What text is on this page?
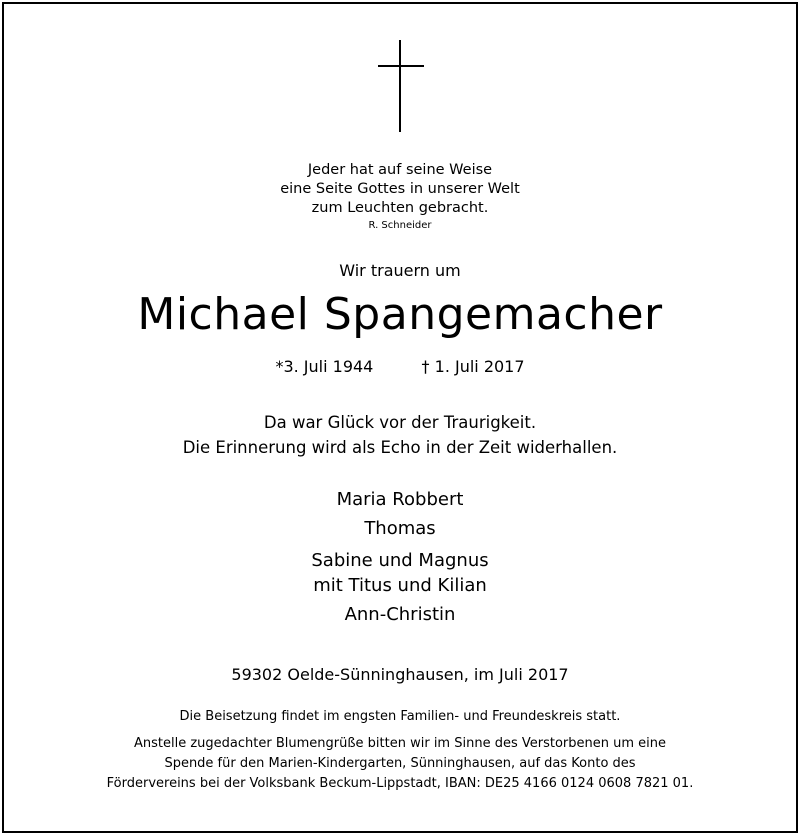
Jeder hat auf seine Weise
eine Seite Gottes in unserer Welt
zum Leuchten gebracht.
R. Schneider
Wir trauern um
Michael Spangemacher
*3. Juli 1944	† 1. Juli 2017
Da war Glück vor der Traurigkeit.
Die Erinnerung wird als Echo in der Zeit widerhallen.
Maria Robbert
Thomas
Sabine und Magnus
mit Titus und Kilian
Ann-Christin
59302 Oelde-Sünninghausen, im Juli 2017
Die Beisetzung findet im engsten Familien- und Freundeskreis statt.
Anstelle zugedachter Blumengrüße bitten wir im Sinne des Verstorbenen um eine
Spende für den Marien-Kindergarten, Sünninghausen, auf das Konto des
Fördervereins bei der Volksbank Beckum-Lippstadt, IBAN: DE25 4166 0124 0608 7821 01.
